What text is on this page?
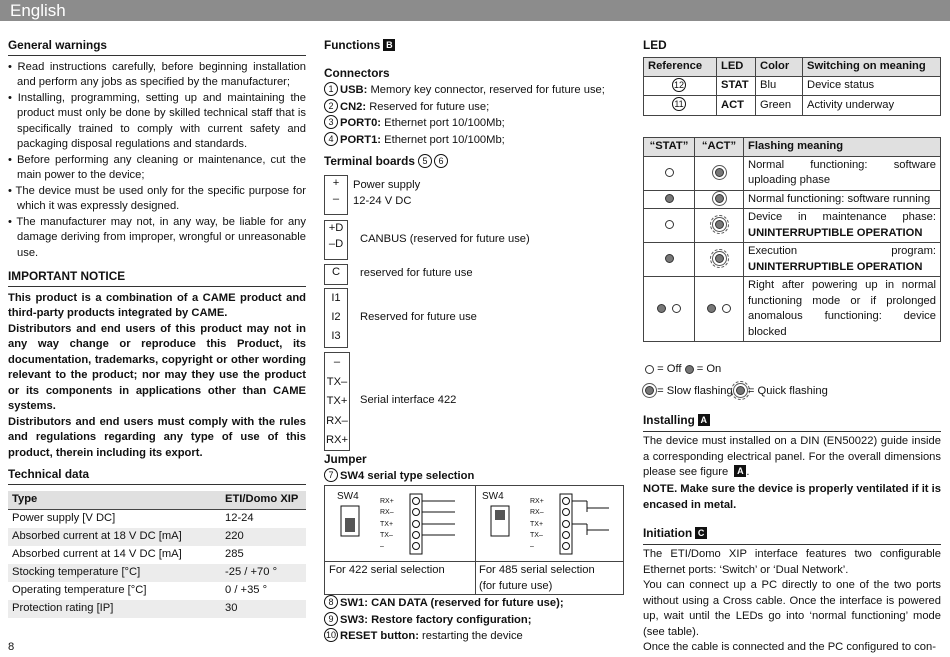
English
General warnings
• Read instructions carefully, before beginning installation and perform any jobs as specified by the manufacturer;
• Installing, programming, setting up and maintaining the product must only be done by skilled technical staff that is specifically trained to comply with current safety and packaging disposal regulations and standards.
• Before performing any cleaning or maintenance, cut the main power to the device;
• The device must be used only for the specific purpose for which it was expressly designed.
• The manufacturer may not, in any way, be liable for any damage deriving from improper, wrongful or unreasonable use.
IMPORTANT NOTICE
This product is a combination of a CAME product and third-party products integrated by CAME.
Distributors and end users of this product may not in any way change or reproduce this Product, its documentation, trademarks, copyright or other wording relevant to the product; nor may they use the product or its components in applications other than CAME systems.
Distributors and end users must comply with the rules and regulations regarding any type of use of this product, therein including its export.
Technical data
Type	ETI/Domo XIP
Power supply [V DC]	12-24
Absorbed current at 18 V DC [mA]	220
Absorbed current at 14 V DC [mA]	285
Stocking temperature [°C]	-25 / +70 °
Operating temperature [°C]	0 / +35 °
Protection rating [IP]	30
8
Functions B
Connectors
1 USB: Memory key connector, reserved for future use;
2 CN2: Reserved for future use;
3 PORT0: Ethernet port 10/100Mb;
4 PORT1: Ethernet port 10/100Mb;
Terminal boards 5 6
+
–
Power supply
12-24 V DC
+D
–D	CANBUS (reserved for future use)
C	reserved for future use
I1
I2
I3
Reserved for future use
–
TX–
TX+
RX–
RX+
Serial interface 422
Jumper
7 SW4 serial type selection
SW4	SW4
RX+
RX–
TX+
TX–
–
RX+
RX–
TX+
TX–
–
For 422 serial selection	For 485 serial selection
(for future use)
8 SW1: CAN DATA (reserved for future use);
9 SW3: Restore factory configuration;
10 RESET button: restarting the device
LED
Reference	LED	Color	Switching on meaning
12	STAT	Blu	Device status
11	ACT	Green	Activity underway
“STAT”	“ACT”	Flashing meaning
		Normal functioning: software uploading phase
		Normal functioning: software running
		Device in maintenance phase: UNINTERRUPTIBLE OPERATION
		Execution program: UNINTERRUPTIBLE OPERATION
		Right after powering up in normal functioning mode or if prolonged anomalous functioning: device blocked
= Off = On
= Slow flashing = Quick flashing
Installing A
The device must installed on a DIN (EN50022) guide inside a corresponding electrical panel. For the overall dimensions please see figure A .
NOTE. Make sure the device is properly ventilated if it is encased in metal.
Initiation C
The ETI/Domo XIP interface features two configurable Ethernet ports: ‘Switch’ or ‘Dual Network’.
You can connect up a PC directly to one of the two ports without using a Cross cable. Once the interface is powered up, wait until the LEDs go into ‘normal functioning’ mode (see table).
Once the cable is connected and the PC configured to con-
